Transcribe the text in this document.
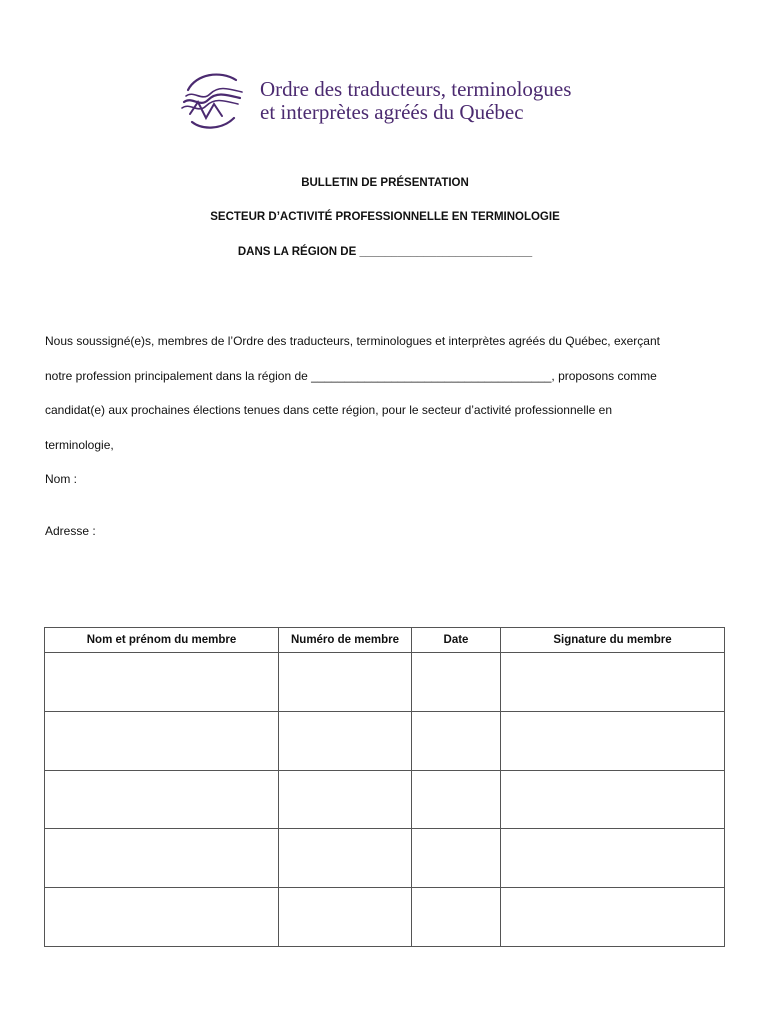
Ordre des traducteurs, terminologues
et interprètes agréés du Québec
BULLETIN DE PRÉSENTATION
SECTEUR D’ACTIVITÉ PROFESSIONNELLE EN TERMINOLOGIE
DANS LA RÉGION DE ___________________________

Nous soussigné(e)s, membres de l’Ordre des traducteurs, terminologues et interprètes agréés du Québec, exerçant

notre profession principalement dans la région de ____________________________________, proposons comme

candidat(e) aux prochaines élections tenues dans cette région, pour le secteur d’activité professionnelle en

terminologie,

Nom :
Adresse :
Nom et prénom du membre	Numéro de membre	Date	Signature du membre
